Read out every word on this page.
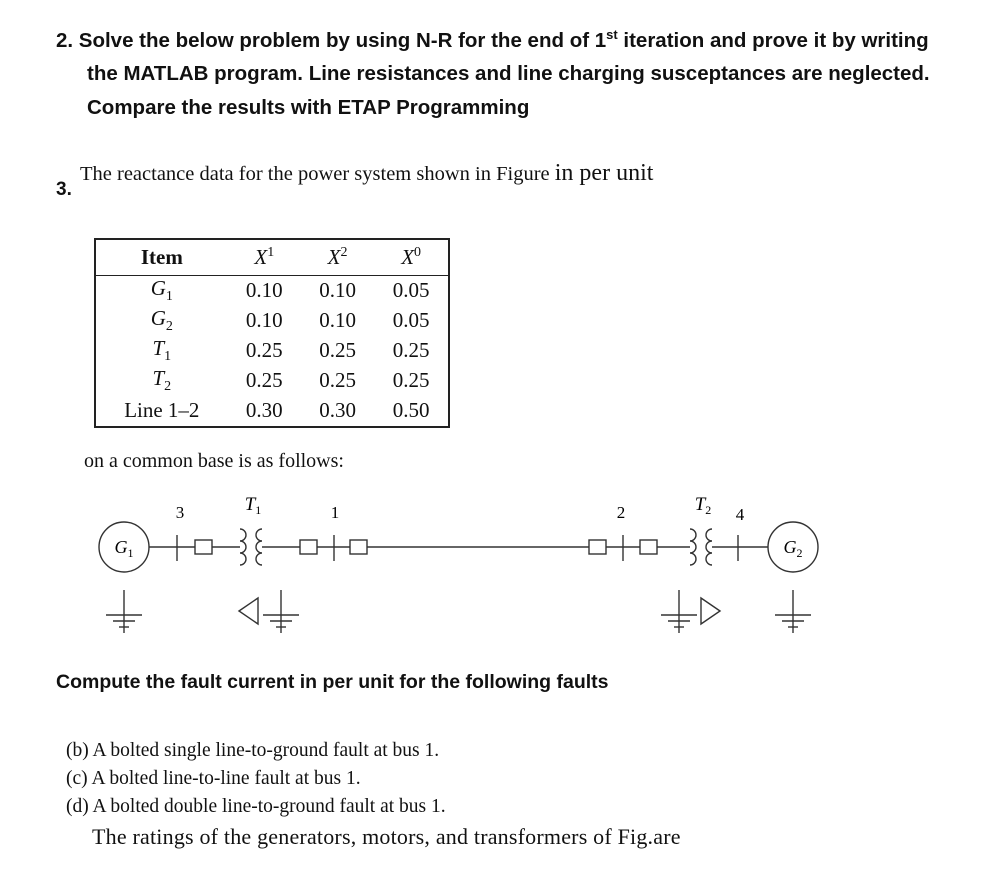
2. Solve the below problem by using N-R for the end of 1st iteration and prove it by writing
the MATLAB program. Line resistances and line charging susceptances are neglected.
Compare the results with ETAP Programming
3.
The reactance data for the power system shown in Figure in per unit
Item	$X^1$	$X^2$	$X^0$
$G_1$	0.10	0.10	0.05
$G_2$	0.10	0.10	0.05
$T_1$	0.25	0.25	0.25
$T_2$	0.25	0.25	0.25
Line 1–2	0.30	0.30	0.50
on a common base is as follows:
3	1	2	4
$T_1$	$T_2$
$G_1$	$G_2$
Compute the fault current in per unit for the following faults
(b) A bolted single line-to-ground fault at bus 1.
(c) A bolted line-to-line fault at bus 1.
(d) A bolted double line-to-ground fault at bus 1.
The ratings of the generators, motors, and transformers of Fig.are
